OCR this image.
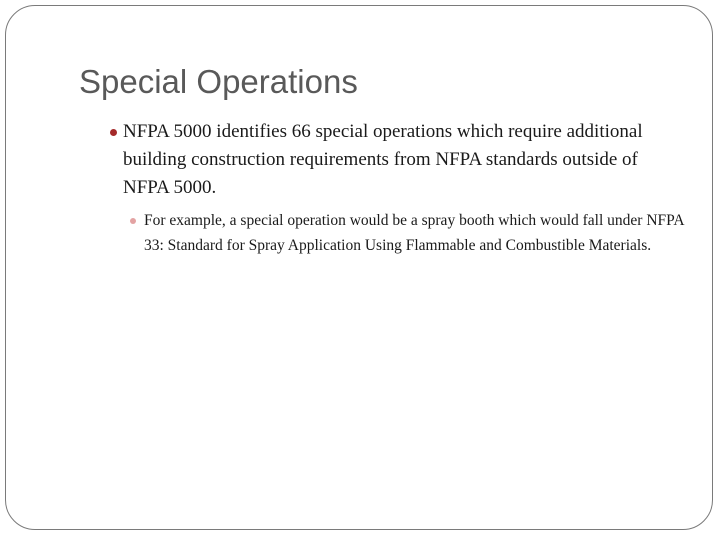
Special Operations
NFPA 5000 identifies 66 special operations which require additional building construction requirements from NFPA standards outside of NFPA 5000.
For example, a special operation would be a spray booth which would fall under NFPA 33: Standard for Spray Application Using Flammable and Combustible Materials.
